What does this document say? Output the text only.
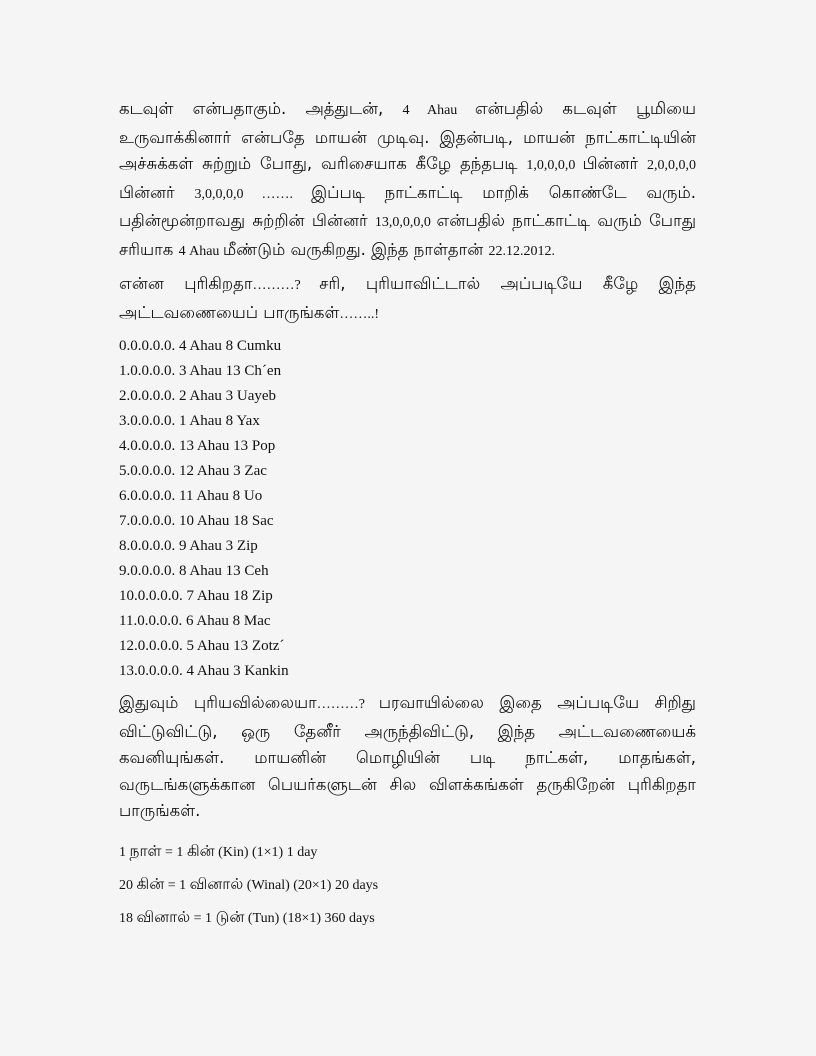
கடவுள் என்பதாகும். அத்துடன், 4 Ahau என்பதில் கடவுள் பூமியை உருவாக்கினார் என்பதே மாயன் முடிவு. இதன்படி, மாயன் நாட்காட்டியின் அச்சுக்கள் சுற்றும் போது, வரிசையாக கீழே தந்தபடி 1,0,0,0,0 பின்னர் 2,0,0,0,0 பின்னர் 3,0,0,0,0 ……. இப்படி நாட்காட்டி மாறிக் கொண்டே வரும். பதின்மூன்றாவது சுற்றின் பின்னர் 13,0,0,0,0 என்பதில் நாட்காட்டி வரும் போது சரியாக 4 Ahau மீண்டும் வருகிறது. இந்த நாள்தான் 22.12.2012.

என்ன புரிகிறதா………? சரி, புரியாவிட்டால் அப்படியே கீழே இந்த அட்டவணையைப் பாருங்கள்……..!

0.0.0.0.0. 4 Ahau 8 Cumku
1.0.0.0.0. 3 Ahau 13 Ch´en
2.0.0.0.0. 2 Ahau 3 Uayeb
3.0.0.0.0. 1 Ahau 8 Yax
4.0.0.0.0. 13 Ahau 13 Pop
5.0.0.0.0. 12 Ahau 3 Zac
6.0.0.0.0. 11 Ahau 8 Uo
7.0.0.0.0. 10 Ahau 18 Sac
8.0.0.0.0. 9 Ahau 3 Zip
9.0.0.0.0. 8 Ahau 13 Ceh
10.0.0.0.0. 7 Ahau 18 Zip
11.0.0.0.0. 6 Ahau 8 Mac
12.0.0.0.0. 5 Ahau 13 Zotz´
13.0.0.0.0. 4 Ahau 3 Kankin

இதுவும் புரியவில்லையா………? பரவாயில்லை இதை அப்படியே சிறிது விட்டுவிட்டு, ஒரு தேனீர் அருந்திவிட்டு, இந்த அட்டவணையைக் கவனியுங்கள். மாயனின் மொழியின் படி நாட்கள், மாதங்கள், வருடங்களுக்கான பெயர்களுடன் சில விளக்கங்கள் தருகிறேன் புரிகிறதா பாருங்கள்.

1 நாள் = 1 கின் (Kin) (1×1) 1 day
20 கின் = 1 வினால் (Winal) (20×1) 20 days
18 வினால் = 1 டுன் (Tun) (18×1) 360 days
